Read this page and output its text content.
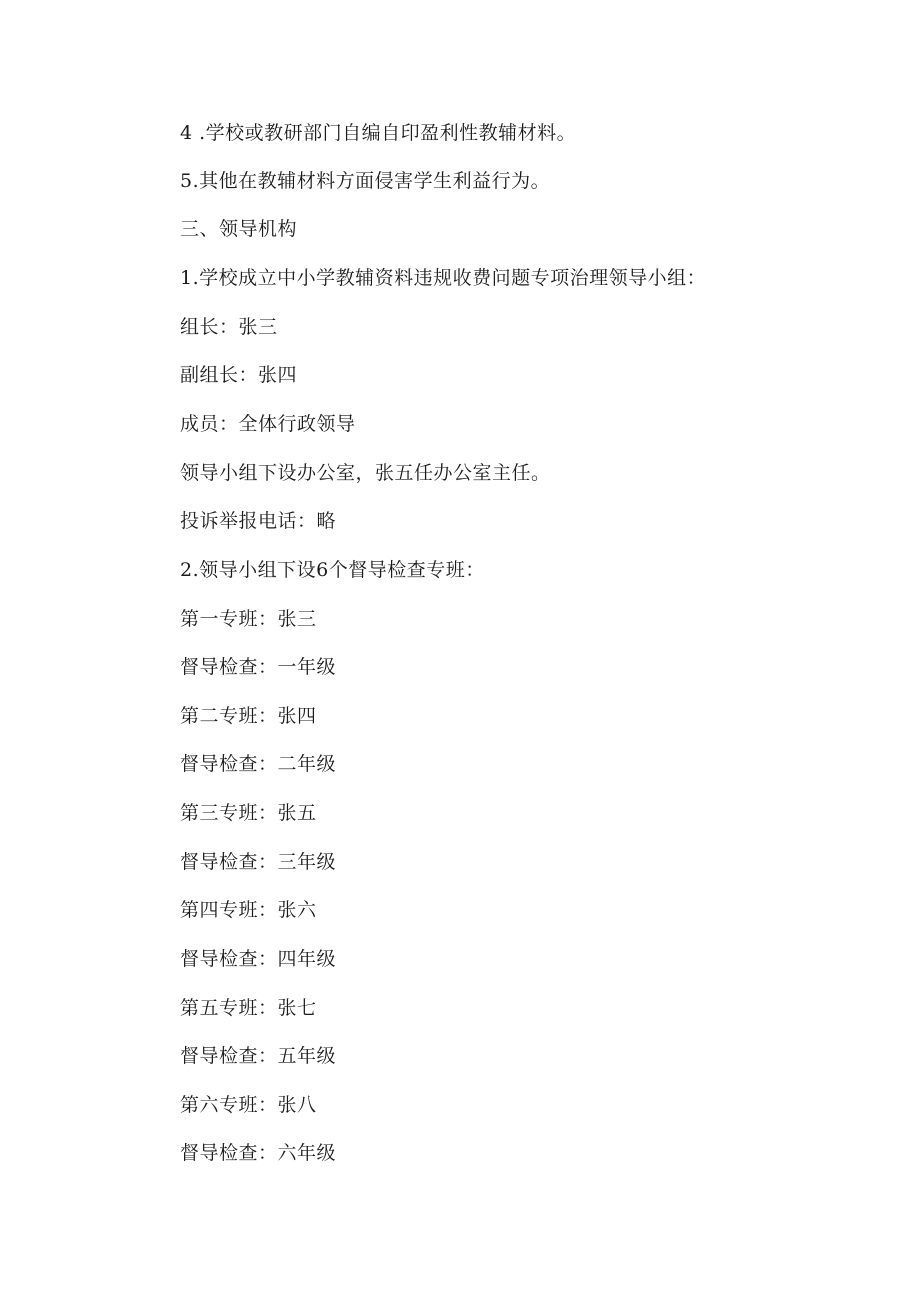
4 .学校或教研部门自编自印盈利性教辅材料。
5.其他在教辅材料方面侵害学生利益行为。
三、领导机构
1.学校成立中小学教辅资料违规收费问题专项治理领导小组：
组长：张三
副组长：张四
成员：全体行政领导
领导小组下设办公室，张五任办公室主任。
投诉举报电话：略
2.领导小组下设6个督导检查专班：
第一专班：张三
督导检查：一年级
第二专班：张四
督导检查：二年级
第三专班：张五
督导检查：三年级
第四专班：张六
督导检查：四年级
第五专班：张七
督导检查：五年级
第六专班：张八
督导检查：六年级
